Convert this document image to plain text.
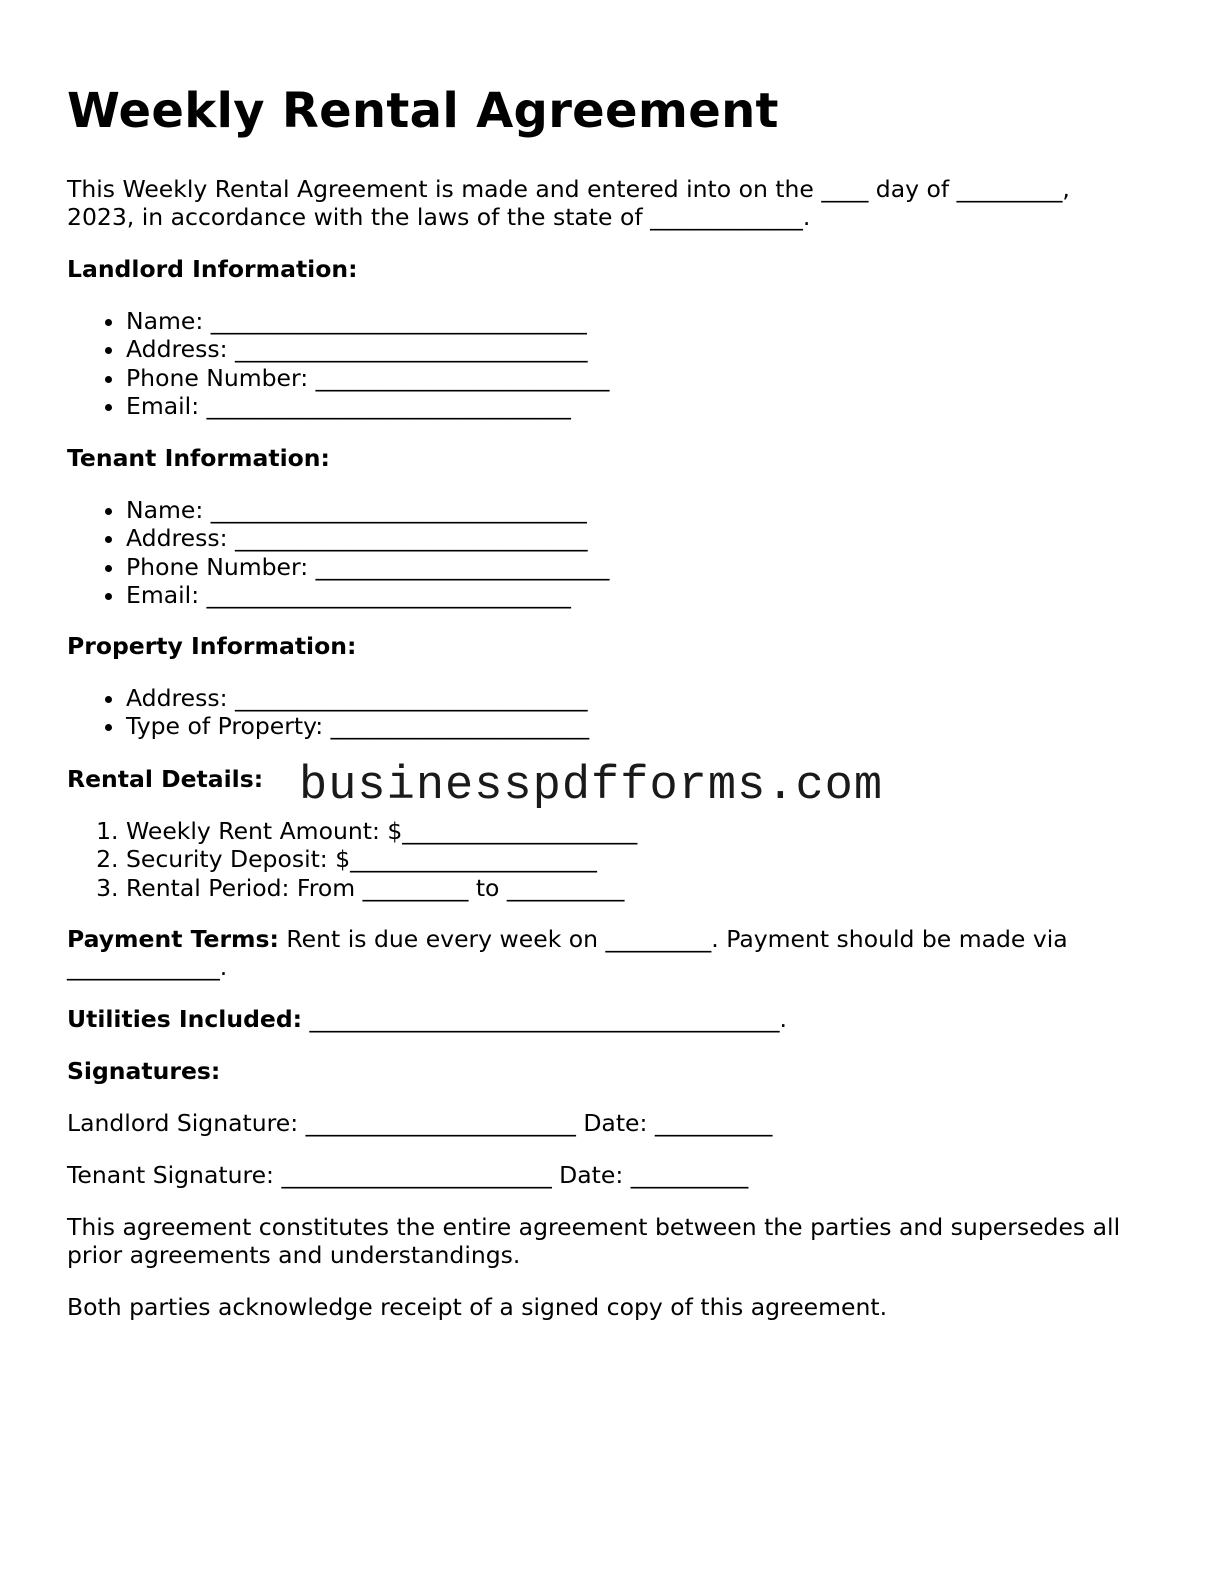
Weekly Rental Agreement

This Weekly Rental Agreement is made and entered into on the ____ day of _________,

2023, in accordance with the laws of the state of _____________.

Landlord Information:

• Name: ________________________________
• Address: ______________________________
• Phone Number: _________________________
• Email: _______________________________

Tenant Information:

• Name: ________________________________
• Address: ______________________________
• Phone Number: _________________________
• Email: _______________________________

Property Information:

• Address: ______________________________
• Type of Property: ______________________

Rental Details:

1. Weekly Rent Amount: $____________________
2. Security Deposit: $_____________________
3. Rental Period: From _________ to __________

Payment Terms: Rent is due every week on _________. Payment should be made via

_____________.

Utilities Included: ________________________________________.

Signatures:

Landlord Signature: _______________________ Date: __________

Tenant Signature: _______________________ Date: __________

This agreement constitutes the entire agreement between the parties and supersedes all

prior agreements and understandings.

Both parties acknowledge receipt of a signed copy of this agreement.

businesspdfforms.com
